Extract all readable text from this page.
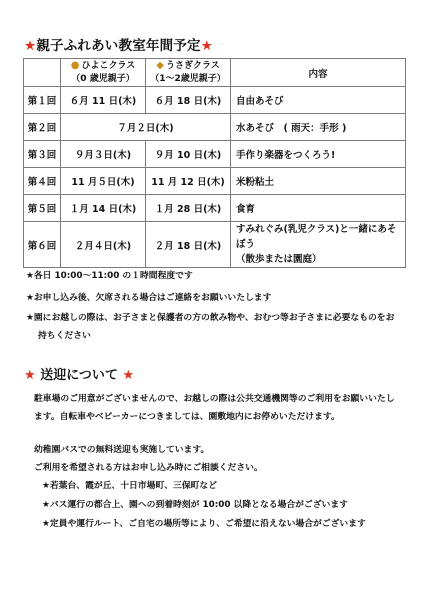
★親子ふれあい教室年間予定★

	● ひよこクラス
（0 歳児親子）	◆ うさぎクラス
（1～2歳児親子）	内容
第１回	６月 11 日(木)	６月 18 日(木)	自由あそび
第２回	７月２日(木)		水あそび　( 雨天：手形 )
第３回	９月３日(木)	９月 10 日(木)	手作り楽器をつくろう!
第４回	11 月５日(木)	11 月 12 日(木)	米粉粘土
第５回	１月 14 日(木)	１月 28 日(木)	食育
第６回	２月４日(木)	２月 18 日(木)	すみれぐみ(乳児クラス)と一緒にあそぼう
（散歩または園庭）
★各日 10:00～11:00 の１時間程度です
★お申し込み後、欠席される場合はご連絡をお願いいたします
★園にお越しの際は、お子さまと保護者の方の飲み物や、おむつ等お子さまに必要なものをお
持ちください
★ 送迎について ★
駐車場のご用意がございませんので、お越しの際は公共交通機関等のご利用をお願いいたし
ます。自転車やベビーカーにつきましては、園敷地内にお停めいただけます。
幼稚園バスでの無料送迎も実施しています。
ご利用を希望される方はお申し込み時にご相談ください。
★若葉台、霞が丘、十日市場町、三保町など
★バス運行の都合上、園への到着時刻が 10:00 以降となる場合がございます
★定員や運行ルート、ご自宅の場所等により、ご希望に沿えない場合がございます
